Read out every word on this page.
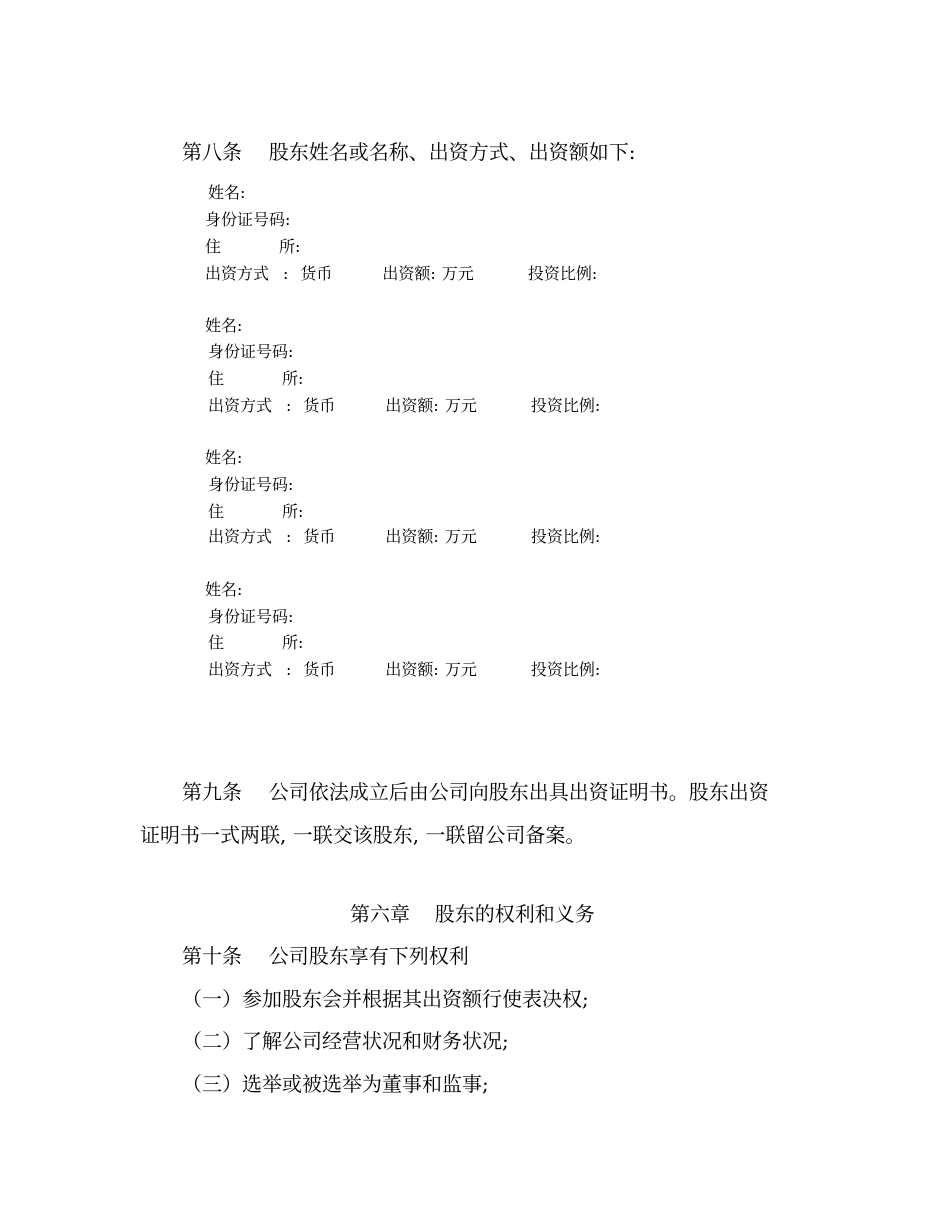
第八条 股东姓名或名称、出资方式、出资额如下:
姓名:
身份证号码:
住	所:
出资方式 : 货币	出资额: 万元	投资比例:
姓名:
身份证号码:
住	所:
出资方式 : 货币	出资额: 万元	投资比例:
姓名:
身份证号码:
住	所:
出资方式 : 货币	出资额: 万元	投资比例:
姓名:
身份证号码:
住	所:
出资方式 : 货币	出资额: 万元	投资比例:
第九条 公司依法成立后由公司向股东出具出资证明书。股东出资
证明书一式两联, 一联交该股东, 一联留公司备案。
第六章 股东的权利和义务
第十条 公司股东享有下列权利
（一）参加股东会并根据其出资额行使表决权;
（二）了解公司经营状况和财务状况;
（三）选举或被选举为董事和监事;
